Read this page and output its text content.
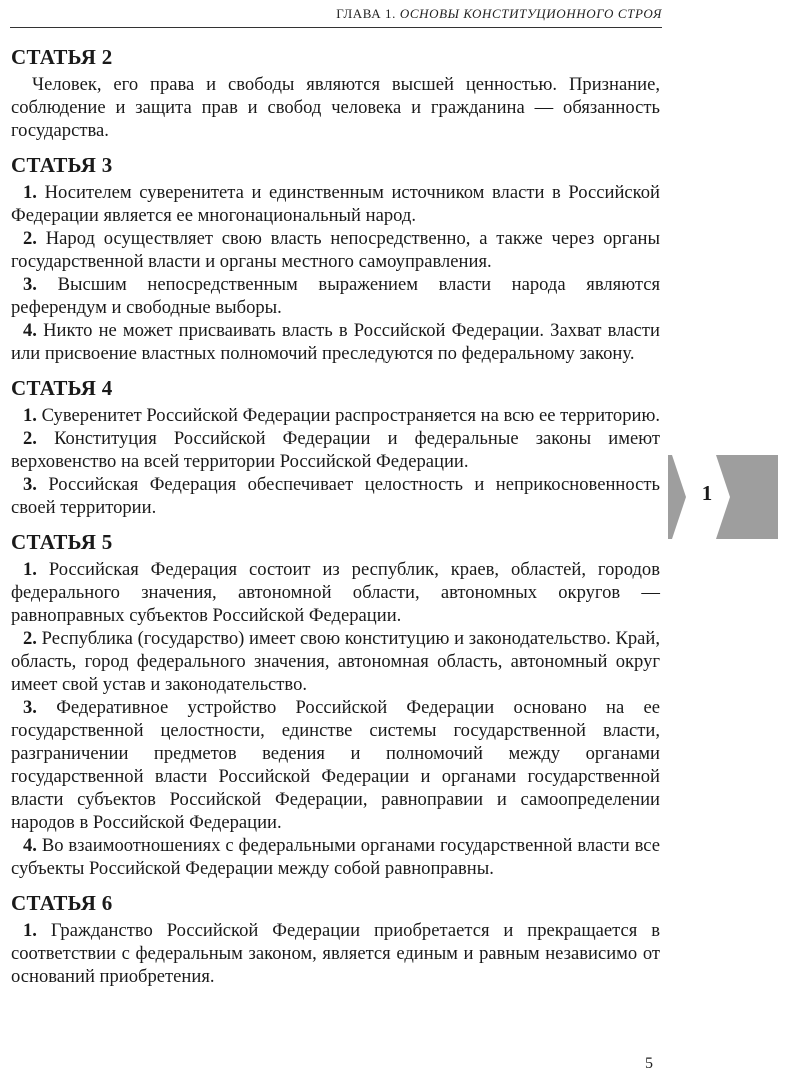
ГЛАВА 1. ОСНОВЫ КОНСТИТУЦИОННОГО СТРОЯ
СТАТЬЯ 2

Человек, его права и свободы являются высшей ценностью. Признание, соблюдение и защита прав и свобод человека и гражданина — обязанность государства.

СТАТЬЯ 3

1. Носителем суверенитета и единственным источником власти в Российской Федерации является ее многонациональный народ.

2. Народ осуществляет свою власть непосредственно, а также через органы государственной власти и органы местного самоуправления.

3. Высшим непосредственным выражением власти народа являются референдум и свободные выборы.

4. Никто не может присваивать власть в Российской Федерации. Захват власти или присвоение властных полномочий преследуются по федеральному закону.

СТАТЬЯ 4

1. Суверенитет Российской Федерации распространяется на всю ее территорию.

2. Конституция Российской Федерации и федеральные законы имеют верховенство на всей территории Российской Федерации.

3. Российская Федерация обеспечивает целостность и неприкосновенность своей территории.

СТАТЬЯ 5

1. Российская Федерация состоит из республик, краев, областей, городов федерального значения, автономной области, автономных округов — равноправных субъектов Российской Федерации.

2. Республика (государство) имеет свою конституцию и законодательство. Край, область, город федерального значения, автономная область, автономный округ имеет свой устав и законодательство.

3. Федеративное устройство Российской Федерации основано на ее государственной целостности, единстве системы государственной власти, разграничении предметов ведения и полномочий между органами государственной власти Российской Федерации и органами государственной власти субъектов Российской Федерации, равноправии и самоопределении народов в Российской Федерации.

4. Во взаимоотношениях с федеральными органами государственной власти все субъекты Российской Федерации между собой равноправны.

СТАТЬЯ 6

1. Гражданство Российской Федерации приобретается и прекращается в соответствии с федеральным законом, является единым и равным независимо от оснований приобретения.

1
5
